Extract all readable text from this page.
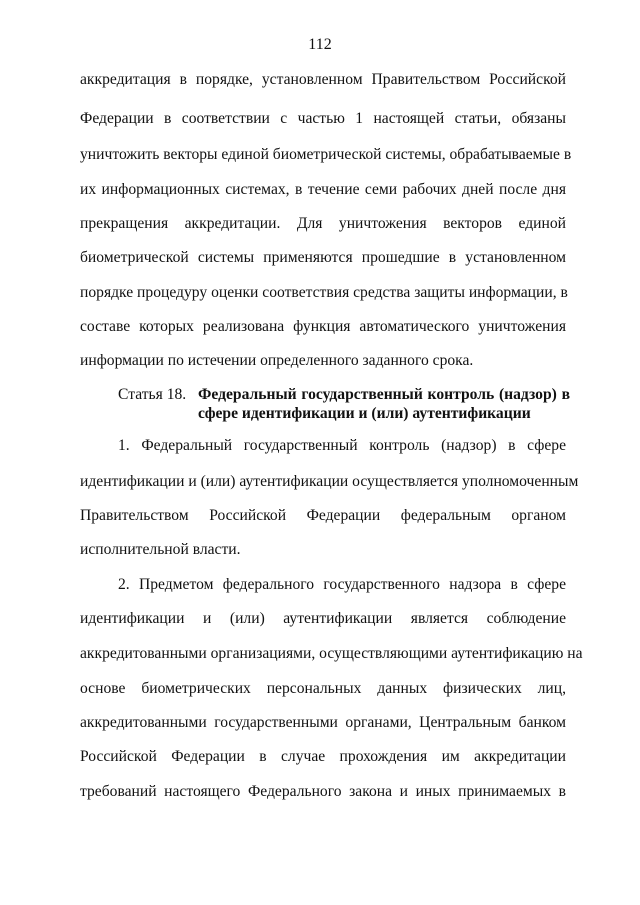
112
аккредитация в порядке, установленном Правительством Российской
Федерации в соответствии с частью 1 настоящей статьи, обязаны
уничтожить векторы единой биометрической системы, обрабатываемые в
их информационных системах, в течение семи рабочих дней после дня
прекращения аккредитации. Для уничтожения векторов единой
биометрической системы применяются прошедшие в установленном
порядке процедуру оценки соответствия средства защиты информации, в
составе которых реализована функция автоматического уничтожения
информации по истечении определенного заданного срока.
Статья 18. Федеральный государственный контроль (надзор) в
сфере идентификации и (или) аутентификации
1. Федеральный государственный контроль (надзор) в сфере
идентификации и (или) аутентификации осуществляется уполномоченным
Правительством Российской Федерации федеральным органом
исполнительной власти.
2. Предметом федерального государственного надзора в сфере
идентификации и (или) аутентификации является соблюдение
аккредитованными организациями, осуществляющими аутентификацию на
основе биометрических персональных данных физических лиц,
аккредитованными государственными органами, Центральным банком
Российской Федерации в случае прохождения им аккредитации
требований настоящего Федерального закона и иных принимаемых в
